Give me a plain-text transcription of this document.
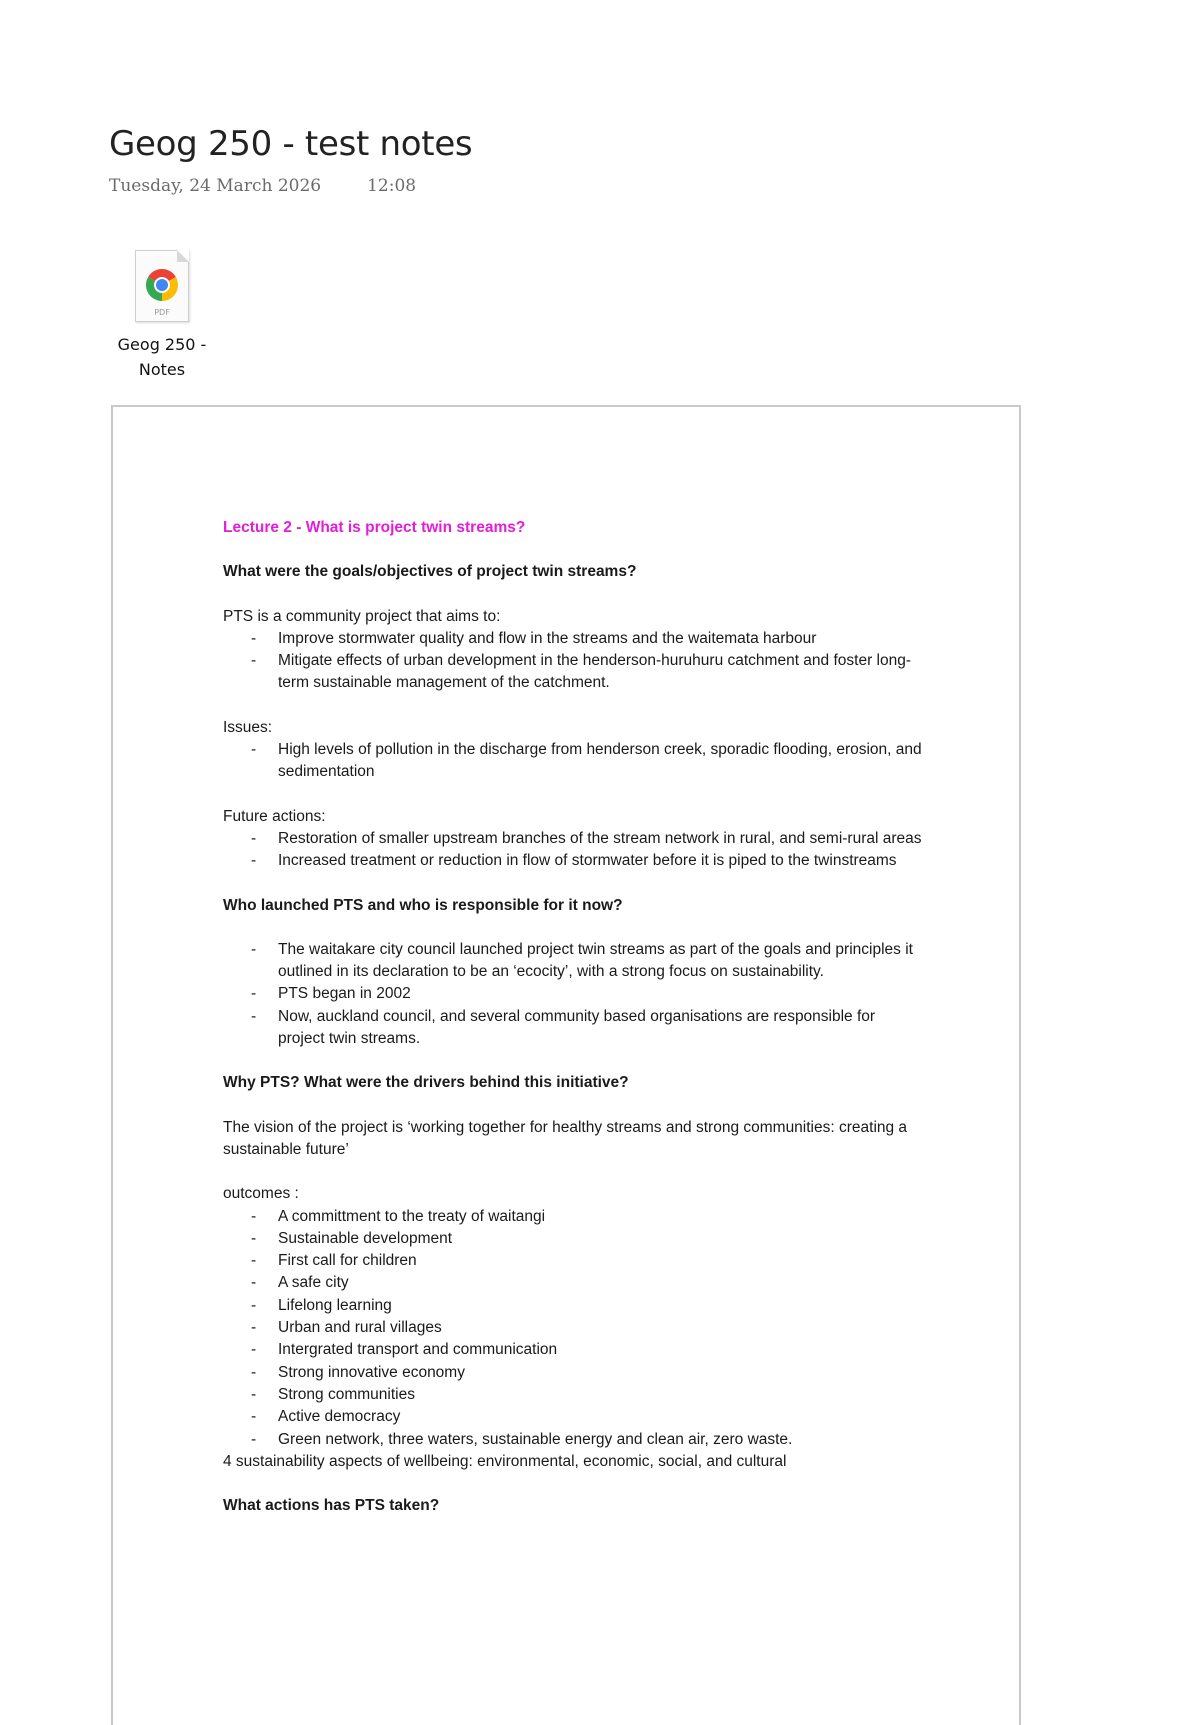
Geog 250 - test notes
Tuesday, 24 March 2026	12:08
PDF
Geog 250 -
Notes

Lecture 2 - What is project twin streams?

What were the goals/objectives of project twin streams?

PTS is a community project that aims to:

- Improve stormwater quality and flow in the streams and the waitemata harbour
- Mitigate effects of urban development in the henderson-huruhuru catchment and foster long-term sustainable management of the catchment.

Issues:

- High levels of pollution in the discharge from henderson creek, sporadic flooding, erosion, and sedimentation

Future actions:

- Restoration of smaller upstream branches of the stream network in rural, and semi-rural areas
- Increased treatment or reduction in flow of stormwater before it is piped to the twinstreams

Who launched PTS and who is responsible for it now?

- The waitakare city council launched project twin streams as part of the goals and principles it outlined in its declaration to be an ‘ecocity’, with a strong focus on sustainability.
- PTS began in 2002
- Now, auckland council, and several community based organisations are responsible for project twin streams.

Why PTS? What were the drivers behind this initiative?

The vision of the project is ‘working together for healthy streams and strong communities: creating a sustainable future’

outcomes :

- A committment to the treaty of waitangi
- Sustainable development
- First call for children
- A safe city
- Lifelong learning
- Urban and rural villages
- Intergrated transport and communication
- Strong innovative economy
- Strong communities
- Active democracy
- Green network, three waters, sustainable energy and clean air, zero waste.

4 sustainability aspects of wellbeing: environmental, economic, social, and cultural

What actions has PTS taken?
